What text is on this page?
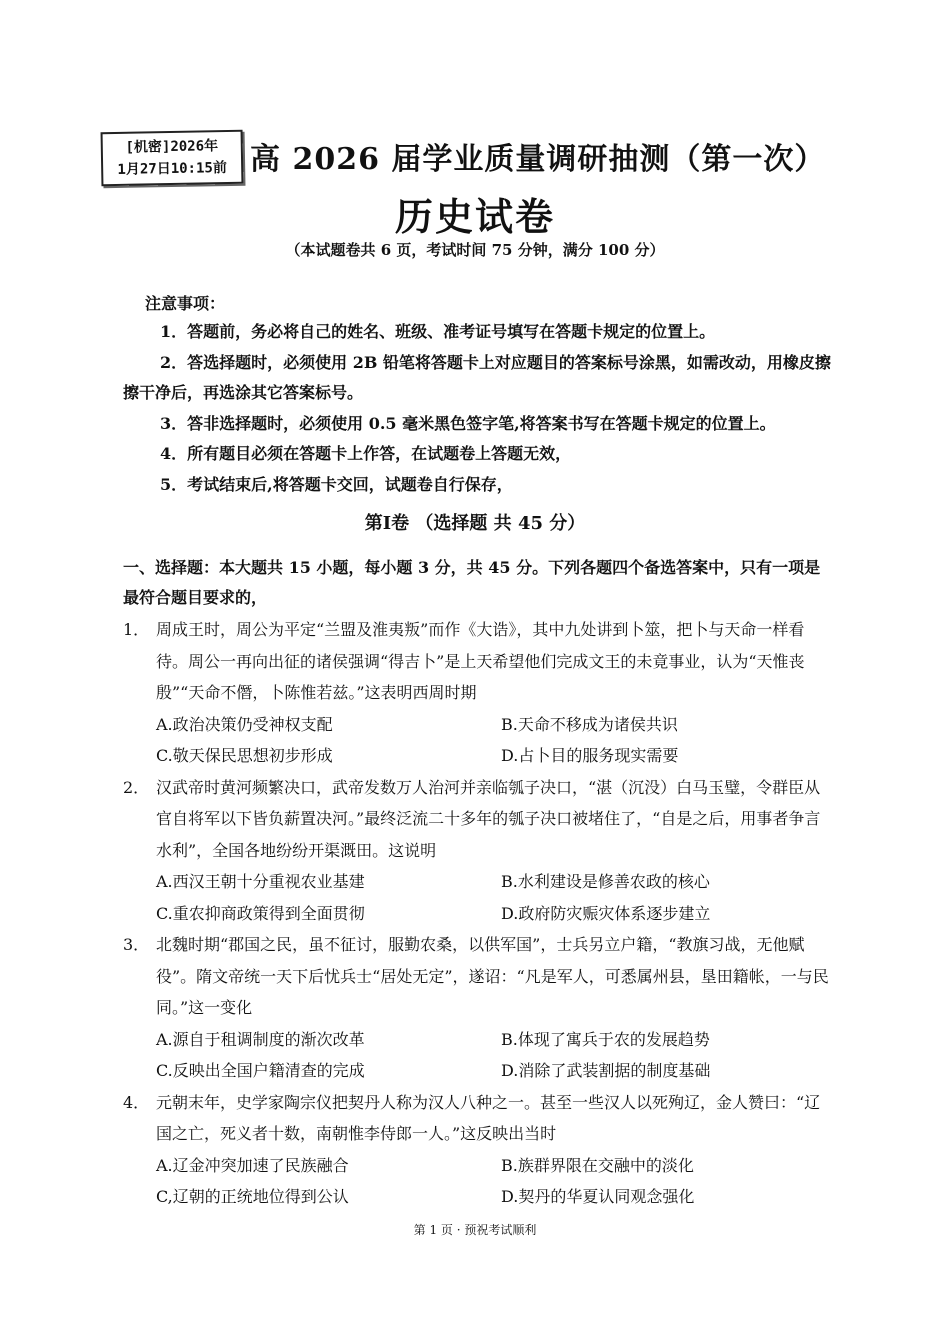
[机密]2026年
1月27日10:15前 高 2026 届学业质量调研抽测（第一次）
历史试卷
（本试题卷共 6 页，考试时间 75 分钟，满分 100 分）
注意事项：

1．答题前，务必将自己的姓名、班级、准考证号填写在答题卡规定的位置上。

2．答选择题时，必须使用 2B 铅笔将答题卡上对应题目的答案标号涂黑，如需改动，用橡皮擦擦干净后，再选涂其它答案标号。

3．答非选择题时，必须使用 0.5 毫米黑色签字笔,将答案书写在答题卡规定的位置上。

4．所有题目必须在答题卡上作答，在试题卷上答题无效，

5．考试结束后,将答题卡交回，试题卷自行保存，

第Ⅰ卷 （选择题 共 45 分）
一、选择题：本大题共 15 小题，每小题 3 分，共 45 分。下列各题四个备选答案中，只有一项是最符合题目要求的，
1． 周成王时，周公为平定“兰盟及淮夷叛”而作《大诰》，其中九处讲到卜筮，把卜与天命一样看待。周公一再向出征的诸侯强调“得吉卜”是上天希望他们完成文王的未竟事业，认为“天惟丧殷”“天命不僭，卜陈惟若兹。”这表明西周时期
A.政治决策仍受神权支配	B.天命不移成为诸侯共识
C.敬天保民思想初步形成	D.占卜目的服务现实需要
2． 汉武帝时黄河频繁决口，武帝发数万人治河并亲临瓠子决口，“湛（沉没）白马玉璧，令群臣从官自将军以下皆负薪置决河。”最终泛流二十多年的瓠子决口被堵住了，“自是之后，用事者争言水利”，全国各地纷纷开渠溉田。这说明
A.西汉王朝十分重视农业基建	B.水利建设是修善农政的核心
C.重农抑商政策得到全面贯彻	D.政府防灾赈灾体系逐步建立
3． 北魏时期“郡国之民，虽不征讨，服勤农桑，以供军国”，士兵另立户籍，“教旗习战，无他赋役”。隋文帝统一天下后忧兵士“居处无定”，遂诏：“凡是军人，可悉属州县，垦田籍帐，一与民同。”这一变化
A.源自于租调制度的渐次改革	B.体现了寓兵于农的发展趋势
C.反映出全国户籍清查的完成	D.消除了武装割据的制度基础
4． 元朝末年，史学家陶宗仪把契丹人称为汉人八种之一。甚至一些汉人以死殉辽，金人赞曰：“辽国之亡，死义者十数，南朝惟李侍郎一人。”这反映出当时
A.辽金冲突加速了民族融合	B.族群界限在交融中的淡化
C,辽朝的正统地位得到公认	D.契丹的华夏认同观念强化
第 1 页 · 预祝考试顺利
